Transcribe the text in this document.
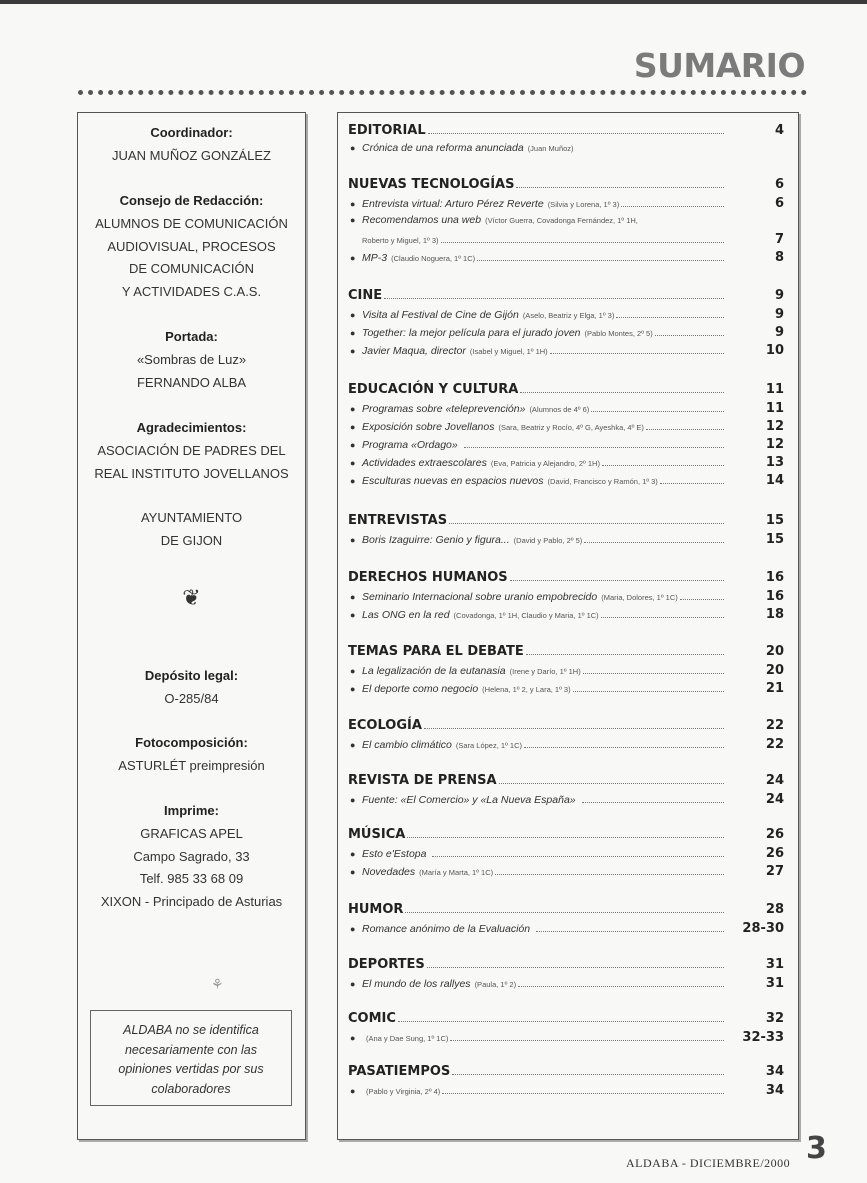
SUMARIO
Coordinador:
JUAN MUÑOZ GONZÁLEZ
Consejo de Redacción:
ALUMNOS DE COMUNICACIÓN
AUDIOVISUAL, PROCESOS
DE COMUNICACIÓN
Y ACTIVIDADES C.A.S.
Portada:
«Sombras de Luz»
FERNANDO ALBA
Agradecimientos:
ASOCIACIÓN DE PADRES DEL
REAL INSTITUTO JOVELLANOS
AYUNTAMIENTO
DE GIJON
❦
Depósito legal:
O-285/84
Fotocomposición:
ASTURLÉT preimpresión
Imprime:
GRAFICAS APEL
Campo Sagrado, 33
Telf. 985 33 68 09
XIXON - Principado de Asturias
⚘
ALDABA no se identifica necesariamente con las opiniones vertidas por sus colaboradores
EDITORIAL	4
● Crónica de una reforma anunciada (Juan Muñoz)
NUEVAS TECNOLOGÍAS	6
● Entrevista virtual: Arturo Pérez Reverte (Silvia y Lorena, 1º 3)	6
● Recomendamos una web (Víctor Guerra, Covadonga Fernández, 1º 1H,
Roberto y Miguel, 1º 3)	7
● MP-3 (Claudio Noguera, 1º 1C)	8
CINE	9
● Visita al Festival de Cine de Gijón (Aselo, Beatriz y Elga, 1º 3)	9
● Together: la mejor película para el jurado joven (Pablo Montes, 2º 5)	9
● Javier Maqua, director (Isabel y Miguel, 1º 1H)	10
EDUCACIÓN Y CULTURA	11
● Programas sobre «teleprevención» (Alumnos de 4º 6)	11
● Exposición sobre Jovellanos (Sara, Beatriz y Rocío, 4º G, Ayeshka, 4º E)	12
● Programa «Ordago»	12
● Actividades extraescolares (Eva, Patricia y Alejandro, 2º 1H)	13
● Esculturas nuevas en espacios nuevos (David, Francisco y Ramón, 1º 3)	14
ENTREVISTAS	15
● Boris Izaguirre: Genio y figura... (David y Pablo, 2º 5)	15
DERECHOS HUMANOS	16
● Seminario Internacional sobre uranio empobrecido (Maria, Dolores, 1º 1C)	16
● Las ONG en la red (Covadonga, 1º 1H, Claudio y Maria, 1º 1C)	18
TEMAS PARA EL DEBATE	20
● La legalización de la eutanasia (Irene y Darío, 1º 1H)	20
● El deporte como negocio (Helena, 1º 2, y Lara, 1º 3)	21
ECOLOGÍA	22
● El cambio climático (Sara López, 1º 1C)	22
REVISTA DE PRENSA	24
● Fuente: «El Comercio» y «La Nueva España»	24
MÚSICA	26
● Esto e'Estopa	26
● Novedades (María y Marta, 1º 1C)	27
HUMOR	28
● Romance anónimo de la Evaluación	28-30
DEPORTES	31
● El mundo de los rallyes (Paula, 1º 2)	31
COMIC	32
●	(Ana y Dae Sung, 1º 1C)	32-33
PASATIEMPOS	34
●	(Pablo y Virginia, 2º 4)	34
ALDABA - DICIEMBRE/2000 3
